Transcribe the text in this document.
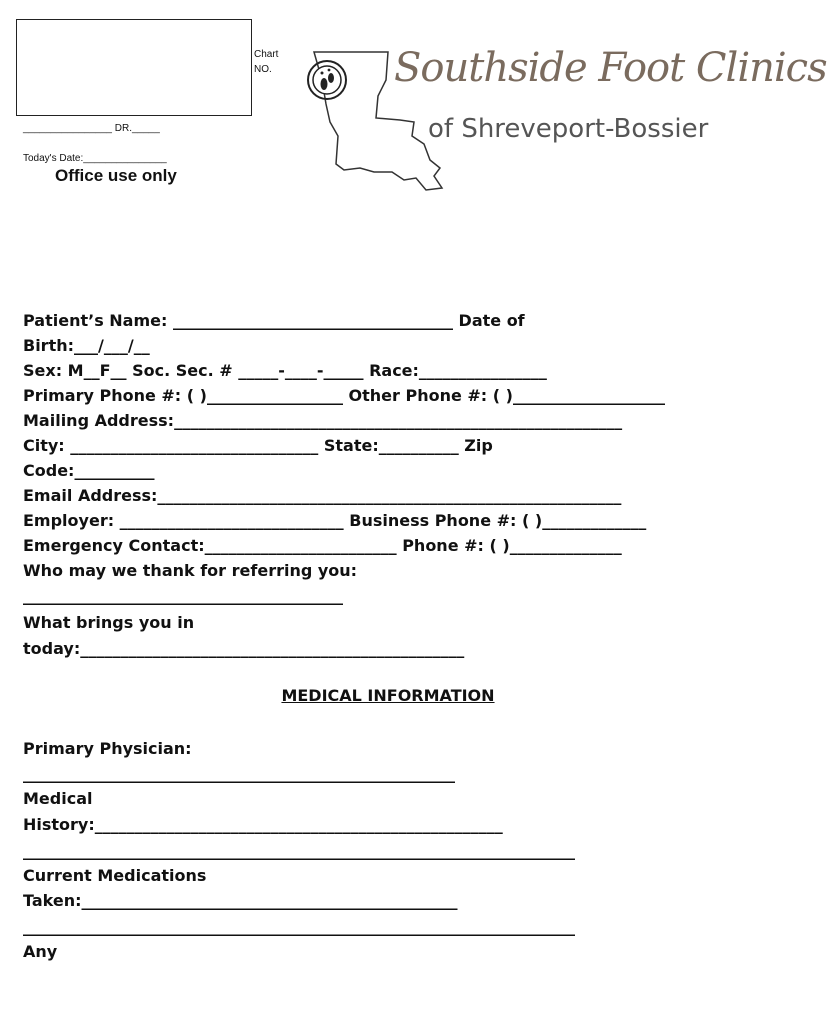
Chart
NO.
________________ DR._____
Today's Date:_______________
Office use only
Southside Foot Clinics
of Shreveport-Bossier
Patient’s Name: ___________________________________ Date of
Birth:___/___/__
Sex: M__F__ Soc. Sec. # _____-____-_____ Race:________________
Primary Phone #: ( )_________________ Other Phone #: ( )___________________
Mailing Address:________________________________________________________
City: _______________________________ State:__________ Zip
Code:__________
Email Address:__________________________________________________________
Employer: ____________________________ Business Phone #: ( )_____________
Emergency Contact:________________________ Phone #: ( )______________
Who may we thank for referring you:
________________________________________
What brings you in
today:________________________________________________
MEDICAL INFORMATION
Primary Physician:
______________________________________________________
Medical
History:___________________________________________________
_____________________________________________________________________
Current Medications
Taken:_______________________________________________
_____________________________________________________________________
Any
